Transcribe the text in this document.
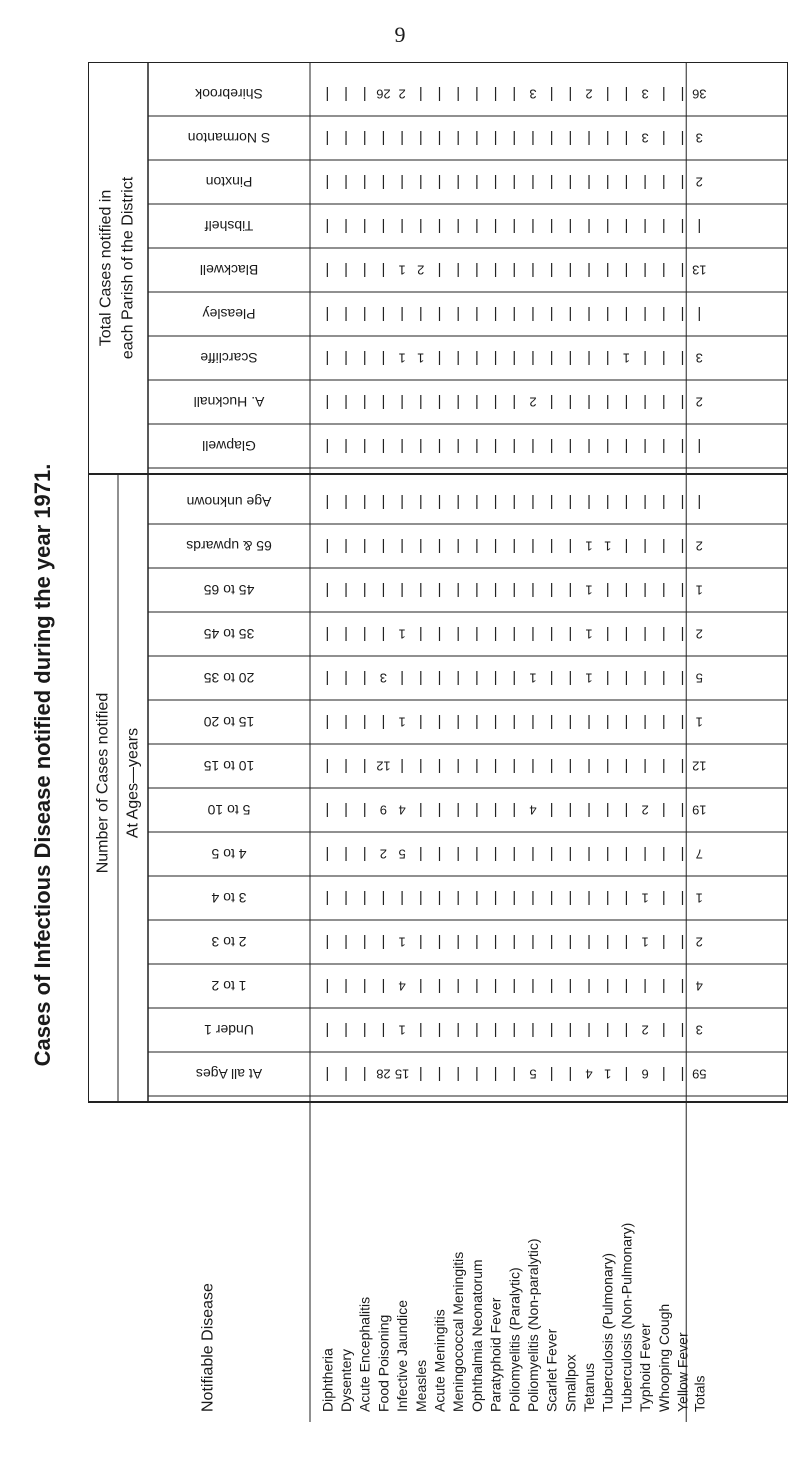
9
Cases of Infectious Disease notified during the year 1971. Number of Cases notified At Ages—years
Total Cases notified in each Parish of the District
Shirebrook
S Normanton
Pinxton
Tibshelf
Blackwell
Pleasley
Scarcliffe
A. Hucknall
Glapwell
Age unknown
65 & upwards
45 to 65
35 to 45
20 to 35
15 to 20
10 to 15
5 to 10
4 to 5
3 to 4
2 to 3
1 to 2
Under 1
At all Ages
Notifiable Disease
26
3
12
9
2
28
2
1
1
1
1
4
5
1
4
1
15
2
1
3
2
1
4
5
2
1
1
1
1
4
1
1
1
3
3
2
1
1
2
6
36
3
2
13
3
2
2
1
2
5
1
12
19
7
1
2
4
3
59
Diphtheria Dysentery Acute Encephalitis Food Poisoning Infective Jaundice Measles Acute Meningitis Meningococcal Meningitis Ophthalmia Neonatorum Paratyphoid Fever Poliomyelitis (Paralytic) Poliomyelitis (Non-paralytic) Scarlet Fever Smallpox Tetanus Tuberculosis (Pulmonary) Tuberculosis (Non-Pulmonary) Typhoid Fever Whooping Cough Yellow Fever Totals
